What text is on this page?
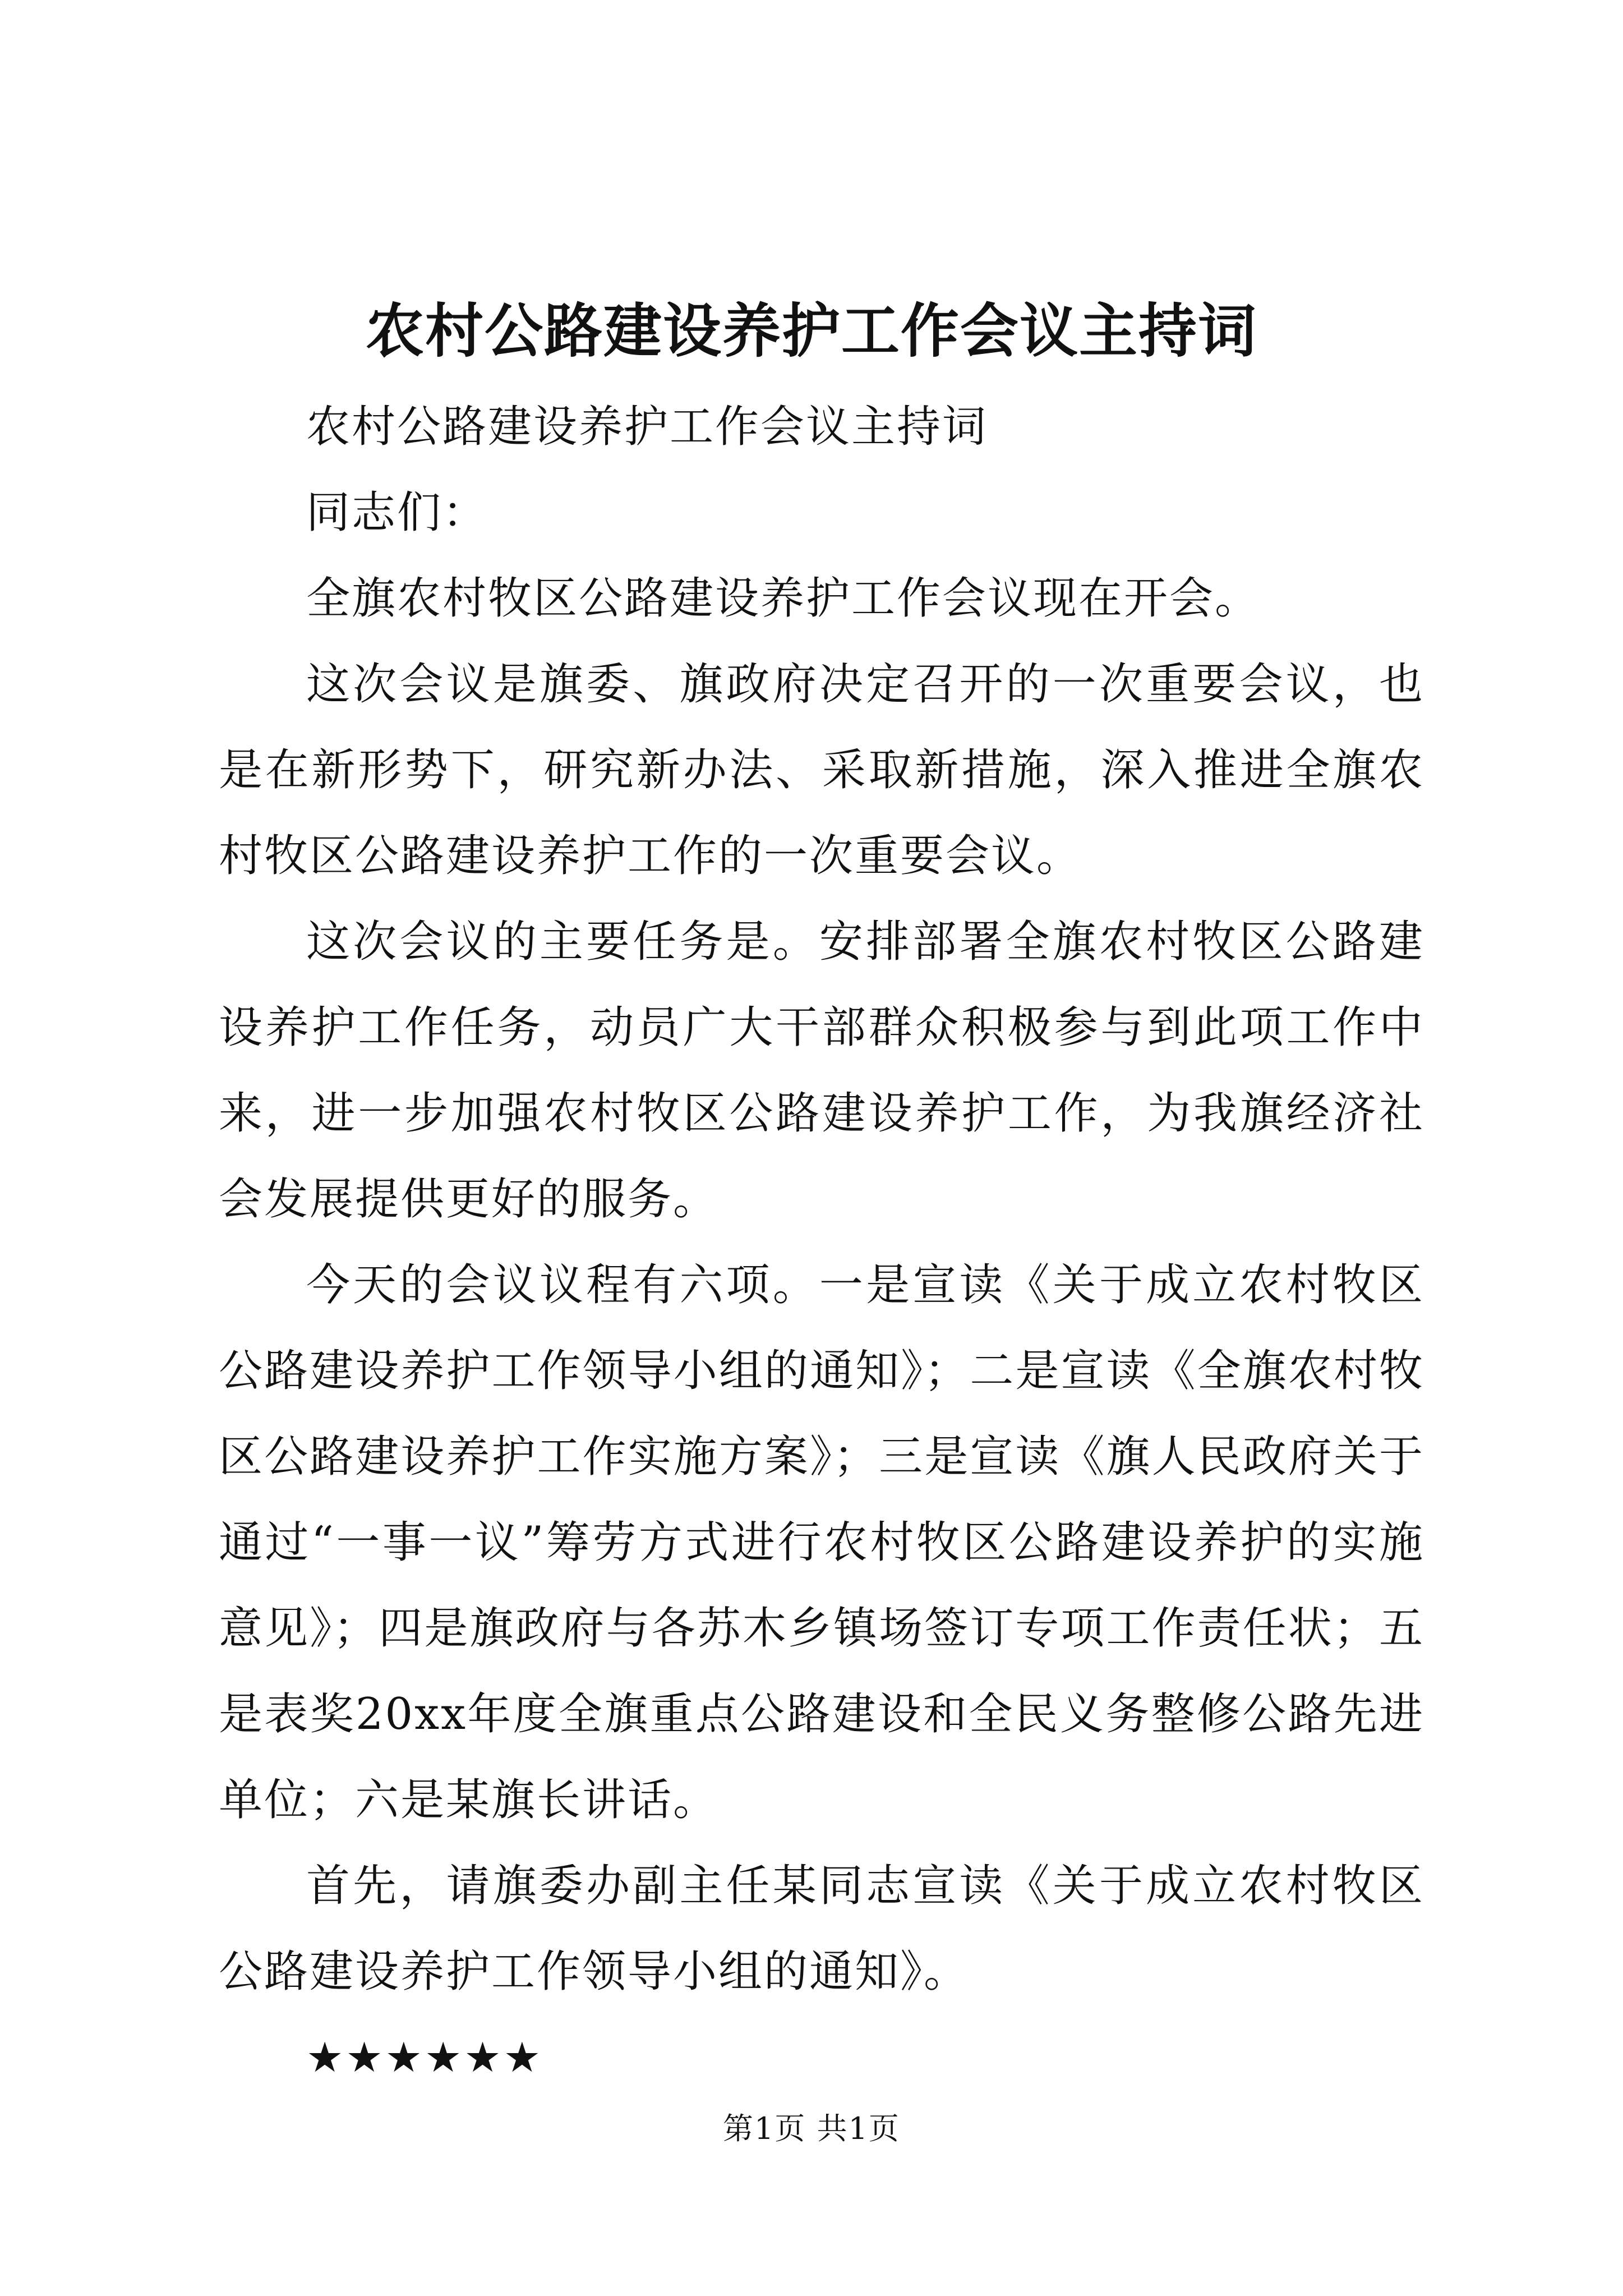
农村公路建设养护工作会议主持词

农村公路建设养护工作会议主持词

同志们：

全旗农村牧区公路建设养护工作会议现在开会。

这次会议是旗委、旗政府决定召开的一次重要会议，也是在新形势下，研究新办法、采取新措施，深入推进全旗农村牧区公路建设养护工作的一次重要会议。

这次会议的主要任务是。安排部署全旗农村牧区公路建设养护工作任务，动员广大干部群众积极参与到此项工作中来，进一步加强农村牧区公路建设养护工作，为我旗经济社会发展提供更好的服务。

今天的会议议程有六项。一是宣读《关于成立农村牧区公路建设养护工作领导小组的通知》；二是宣读《全旗农村牧区公路建设养护工作实施方案》；三是宣读《旗人民政府关于通过“一事一议”筹劳方式进行农村牧区公路建设养护的实施意见》；四是旗政府与各苏木乡镇场签订专项工作责任状；五是表奖20xx年度全旗重点公路建设和全民义务整修公路先进单位；六是某旗长讲话。

首先，请旗委办副主任某同志宣读《关于成立农村牧区公路建设养护工作领导小组的通知》。

★★★★★★

第1页 共1页
